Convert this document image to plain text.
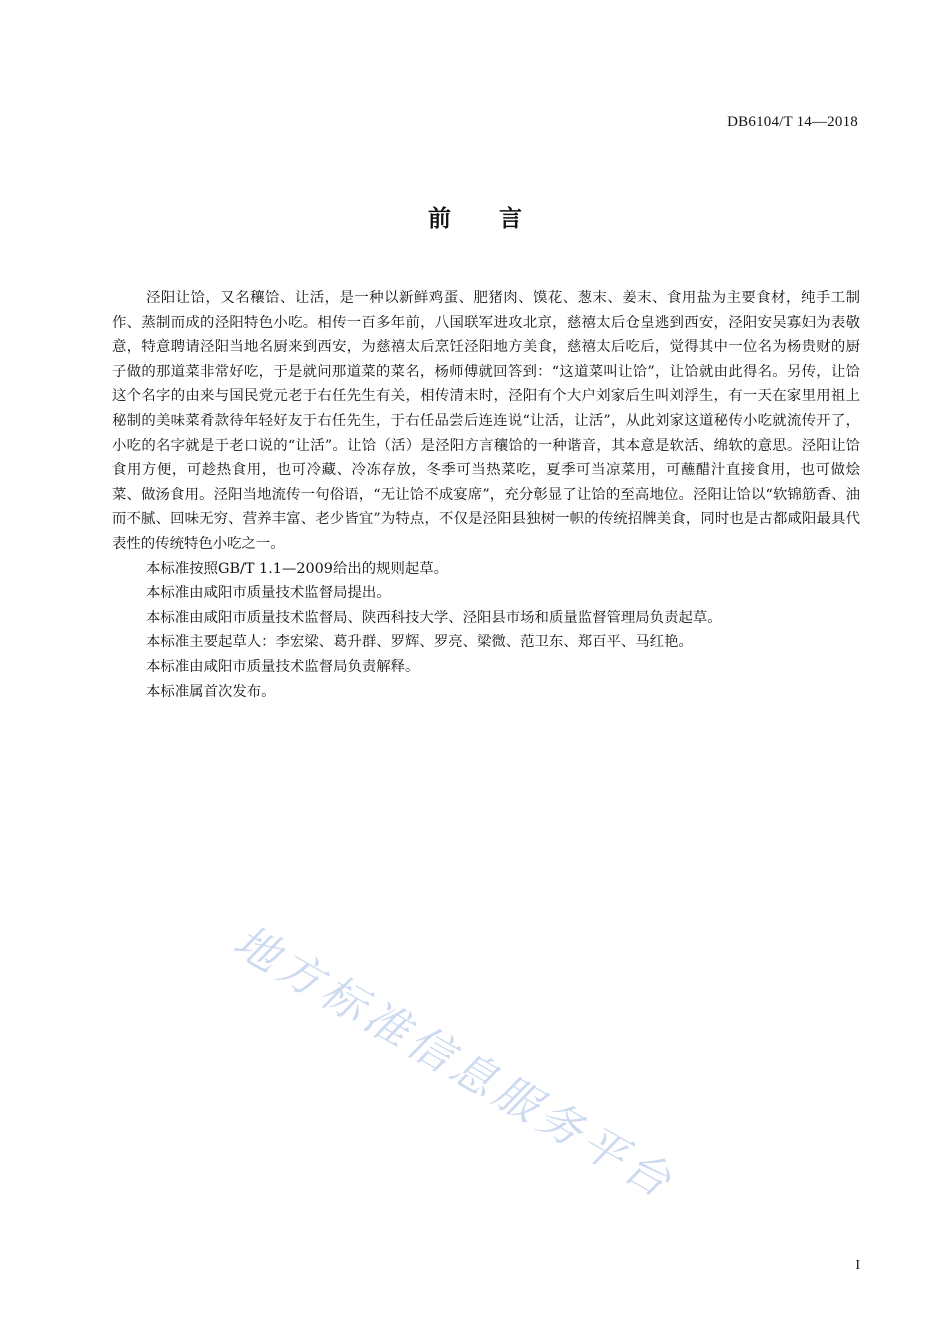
DB6104/T 14—2018
前言

泾阳让饸，又名穰饸、让活，是一种以新鲜鸡蛋、肥猪肉、馍花、葱末、姜末、食用盐为主要食材，纯手工制作、蒸制而成的泾阳特色小吃。相传一百多年前，八国联军进攻北京，慈禧太后仓皇逃到西安，泾阳安吴寡妇为表敬意，特意聘请泾阳当地名厨来到西安，为慈禧太后烹饪泾阳地方美食，慈禧太后吃后，觉得其中一位名为杨贵财的厨子做的那道菜非常好吃，于是就问那道菜的菜名，杨师傅就回答到：“这道菜叫让饸”，让饸就由此得名。另传，让饸这个名字的由来与国民党元老于右任先生有关，相传清末时，泾阳有个大户刘家后生叫刘浮生，有一天在家里用祖上秘制的美味菜肴款待年轻好友于右任先生，于右任品尝后连连说“让活，让活”，从此刘家这道秘传小吃就流传开了，小吃的名字就是于老口说的“让活”。让饸（活）是泾阳方言穰饸的一种谐音，其本意是软活、绵软的意思。泾阳让饸食用方便，可趁热食用，也可冷藏、冷冻存放，冬季可当热菜吃，夏季可当凉菜用，可蘸醋汁直接食用，也可做烩菜、做汤食用。泾阳当地流传一句俗语，“无让饸不成宴席”，充分彰显了让饸的至高地位。泾阳让饸以“软锦筋香、油而不腻、回味无穷、营养丰富、老少皆宜”为特点，不仅是泾阳县独树一帜的传统招牌美食，同时也是古都咸阳最具代表性的传统特色小吃之一。

本标准按照GB/T 1.1—2009给出的规则起草。

本标准由咸阳市质量技术监督局提出。

本标准由咸阳市质量技术监督局、陕西科技大学、泾阳县市场和质量监督管理局负责起草。

本标准主要起草人：李宏梁、葛升群、罗辉、罗亮、梁微、范卫东、郑百平、马红艳。

本标准由咸阳市质量技术监督局负责解释。

本标准属首次发布。

地方标准信息服务平台
I
